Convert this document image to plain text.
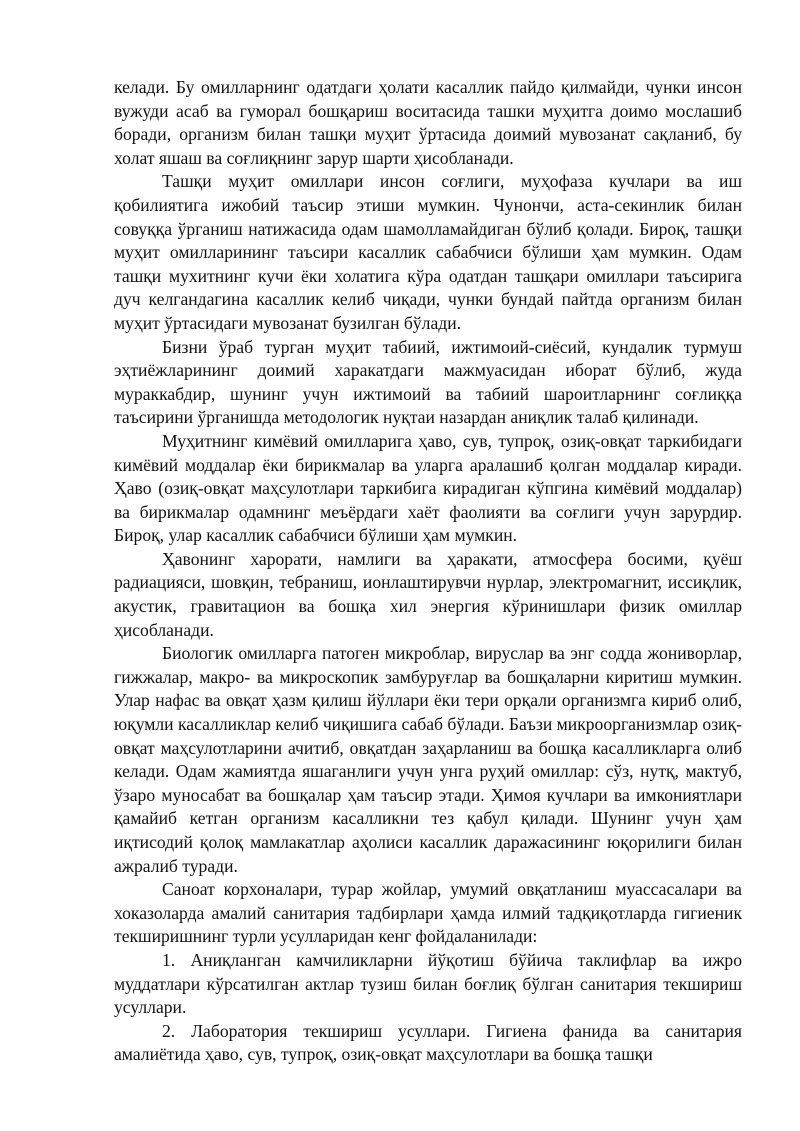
келади. Бу омилларнинг одатдаги ҳолати касаллик пайдо қилмайди, чунки инсон вужуди асаб ва гуморал бошқариш воситасида ташки муҳитга доимо мослашиб боради, организм билан ташқи муҳит ўртасида доимий мувозанат сақланиб, бу холат яшаш ва соғлиқнинг зарур шарти ҳисобланади.

Ташқи муҳит омиллари инсон соғлиги, муҳофаза кучлари ва иш қобилиятига ижобий таъсир этиши мумкин. Чунончи, аста-секинлик билан совуққа ўрганиш натижасида одам шамолламайдиган бўлиб қолади. Бироқ, ташқи муҳит омилларининг таъсири касаллик сабабчиси бўлиши ҳам мумкин. Одам ташқи мухитнинг кучи ёки холатига кўра одатдан ташқари омиллари таъсирига дуч келгандагина касаллик келиб чиқади, чунки бундай пайтда организм билан муҳит ўртасидаги мувозанат бузилган бўлади.

Бизни ўраб турган муҳит табиий, ижтимоий-сиёсий, кундалик турмуш эҳтиёжларининг доимий харакатдаги мажмуасидан иборат бўлиб, жуда мураккабдир, шунинг учун ижтимоий ва табиий шароитларнинг соғлиққа таъсирини ўрганишда методологик нуқтаи назардан аниқлик талаб қилинади.

Муҳитнинг кимёвий омилларига ҳаво, сув, тупроқ, озиқ-овқат таркибидаги кимёвий моддалар ёки бирикмалар ва уларга аралашиб қолган моддалар киради. Ҳаво (озиқ-овқат маҳсулотлари таркибига кирадиган кўпгина кимёвий моддалар) ва бирикмалар одамнинг меъёрдаги хаёт фаолияти ва соғлиги учун зарурдир. Бироқ, улар касаллик сабабчиси бўлиши ҳам мумкин.

Ҳавонинг харорати, намлиги ва ҳаракати, атмосфера босими, қуёш радиацияси, шовқин, тебраниш, ионлаштирувчи нурлар, электромагнит, иссиқлик, акустик, гравитацион ва бошқа хил энергия кўринишлари физик омиллар ҳисобланади.

Биологик омилларга патоген микроблар, вируслар ва энг содда жониворлар, гижжалар, макро- ва микроскопик замбуруғлар ва бошқаларни киритиш мумкин. Улар нафас ва овқат ҳазм қилиш йўллари ёки тери орқали организмга кириб олиб, юқумли касалликлар келиб чиқишига сабаб бўлади. Баъзи микроорганизмлар озиқ-овқат маҳсулотларини ачитиб, овқатдан заҳарланиш ва бошқа касалликларга олиб келади. Одам жамиятда яшаганлиги учун унга руҳий омиллар: сўз, нутқ, мактуб, ўзаро муносабат ва бошқалар ҳам таъсир этади. Ҳимоя кучлари ва имкониятлари қамайиб кетган организм касалликни тез қабул қилади. Шунинг учун ҳам иқтисодий қолоқ мамлакатлар аҳолиси касаллик даражасининг юқорилиги билан ажралиб туради.

Саноат корхоналари, турар жойлар, умумий овқатланиш муассасалари ва хоказоларда амалий санитария тадбирлари ҳамда илмий тадқиқотларда гигиеник текширишнинг турли усулларидан кенг фойдаланилади:

1. Аниқланган камчиликларни йўқотиш бўйича таклифлар ва ижро муддатлари кўрсатилган актлар тузиш билан боғлиқ бўлган санитария текшириш усуллари.

2. Лаборатория текшириш усуллари. Гигиена фанида ва санитария амалиётида ҳаво, сув, тупроқ, озиқ-овқат маҳсулотлари ва бошқа ташқи
